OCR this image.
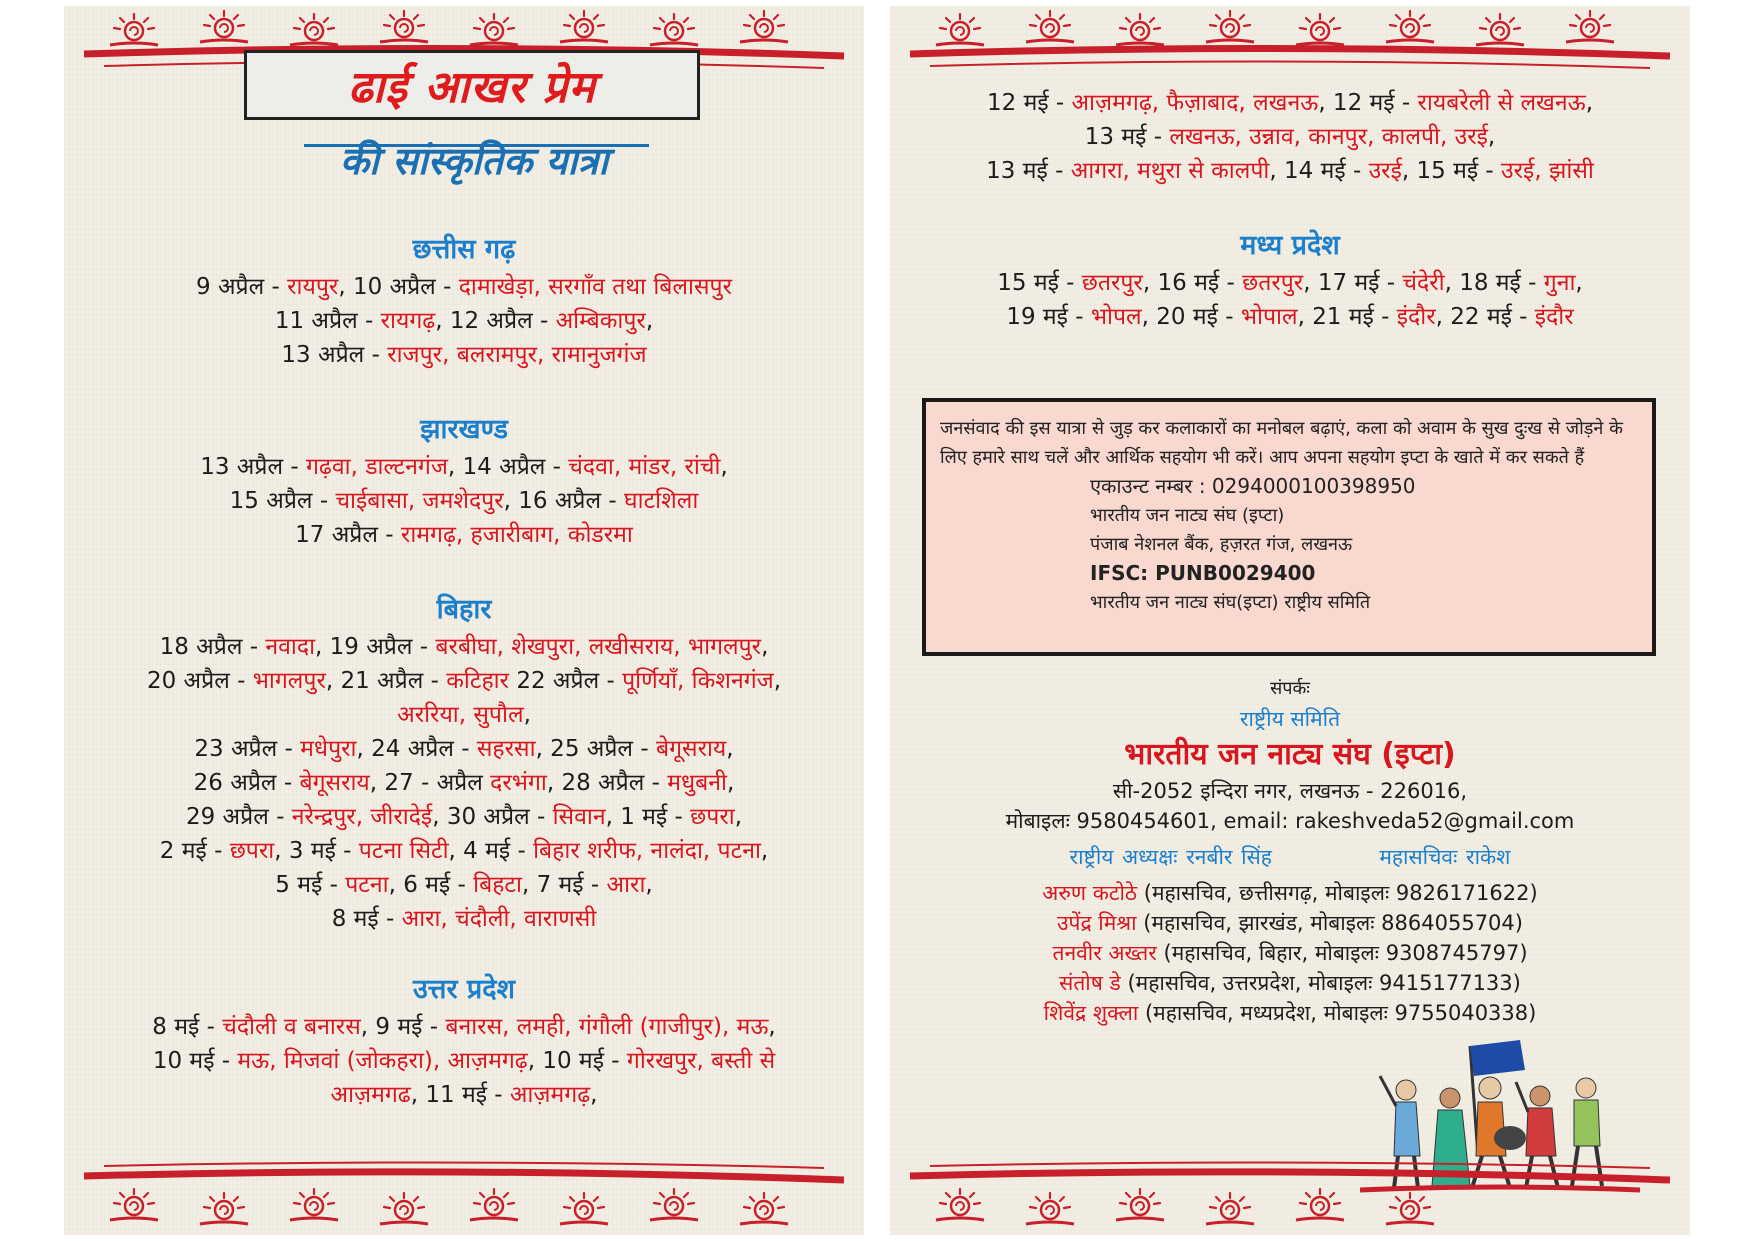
ढाई आखर प्रेम
की सांस्कृतिक यात्रा
छत्तीस गढ़
9 अप्रैल - रायपुर, 10 अप्रैल - दामाखेड़ा, सरगाँव तथा बिलासपुर
11 अप्रैल - रायगढ़, 12 अप्रैल - अम्बिकापुर,
13 अप्रैल - राजपुर, बलरामपुर, रामानुजगंज
झारखण्ड
13 अप्रैल - गढ़वा, डाल्टनगंज, 14 अप्रैल - चंदवा, मांडर, रांची,
15 अप्रैल - चाईबासा, जमशेदपुर, 16 अप्रैल - घाटशिला
17 अप्रैल - रामगढ़, हजारीबाग, कोडरमा
बिहार
18 अप्रैल - नवादा, 19 अप्रैल - बरबीघा, शेखपुरा, लखीसराय, भागलपुर,
20 अप्रैल - भागलपुर, 21 अप्रैल - कटिहार 22 अप्रैल - पूर्णियाँ, किशनगंज,
अररिया, सुपौल,
23 अप्रैल - मधेपुरा, 24 अप्रैल - सहरसा, 25 अप्रैल - बेगूसराय,
26 अप्रैल - बेगूसराय, 27 - अप्रैल दरभंगा, 28 अप्रैल - मधुबनी,
29 अप्रैल - नरेन्द्रपुर, जीरादेई, 30 अप्रैल - सिवान, 1 मई - छपरा,
2 मई - छपरा, 3 मई - पटना सिटी, 4 मई - बिहार शरीफ, नालंदा, पटना,
5 मई - पटना, 6 मई - बिहटा, 7 मई - आरा,
8 मई - आरा, चंदौली, वाराणसी
उत्तर प्रदेश
8 मई - चंदौली व बनारस, 9 मई - बनारस, लमही, गंगौली (गाजीपुर), मऊ,
10 मई - मऊ, मिजवां (जोकहरा), आज़मगढ़, 10 मई - गोरखपुर, बस्ती से
आज़मगढ, 11 मई - आज़मगढ़,
12 मई - आज़मगढ़, फैज़ाबाद, लखनऊ, 12 मई - रायबरेली से लखनऊ,
13 मई - लखनऊ, उन्नाव, कानपुर, कालपी, उरई,
13 मई - आगरा, मथुरा से कालपी, 14 मई - उरई, 15 मई - उरई, झांसी
मध्य प्रदेश
15 मई - छतरपुर, 16 मई - छतरपुर, 17 मई - चंदेरी, 18 मई - गुना,
19 मई - भोपल, 20 मई - भोपाल, 21 मई - इंदौर, 22 मई - इंदौर
जनसंवाद की इस यात्रा से जुड़ कर कलाकारों का मनोबल बढ़ाएं, कला को अवाम के सुख दुःख से जोड़ने के लिए हमारे साथ चलें और आर्थिक सहयोग भी करें। आप अपना सहयोग इप्टा के खाते में कर सकते हैं
एकाउन्ट नम्बर : 0294000100398950
भारतीय जन नाट्य संघ (इप्टा)
पंजाब नेशनल बैंक, हज़रत गंज, लखनऊ
IFSC: PUNB0029400
भारतीय जन नाट्य संघ(इप्टा) राष्ट्रीय समिति
संपर्कः
राष्ट्रीय समिति
भारतीय जन नाट्य संघ (इप्टा)
सी-2052 इन्दिरा नगर, लखनऊ - 226016,
मोबाइलः 9580454601, email: rakeshveda52@gmail.com
राष्ट्रीय अध्यक्षः रनबीर सिंह	महासचिवः राकेश
अरुण कटोठे (महासचिव, छत्तीसगढ़, मोबाइलः 9826171622)
उपेंद्र मिश्रा (महासचिव, झारखंड, मोबाइलः 8864055704)
तनवीर अख्तर (महासचिव, बिहार, मोबाइलः 9308745797)
संतोष डे (महासचिव, उत्तरप्रदेश, मोबाइलः 9415177133)
शिवेंद्र शुक्ला (महासचिव, मध्यप्रदेश, मोबाइलः 9755040338)
